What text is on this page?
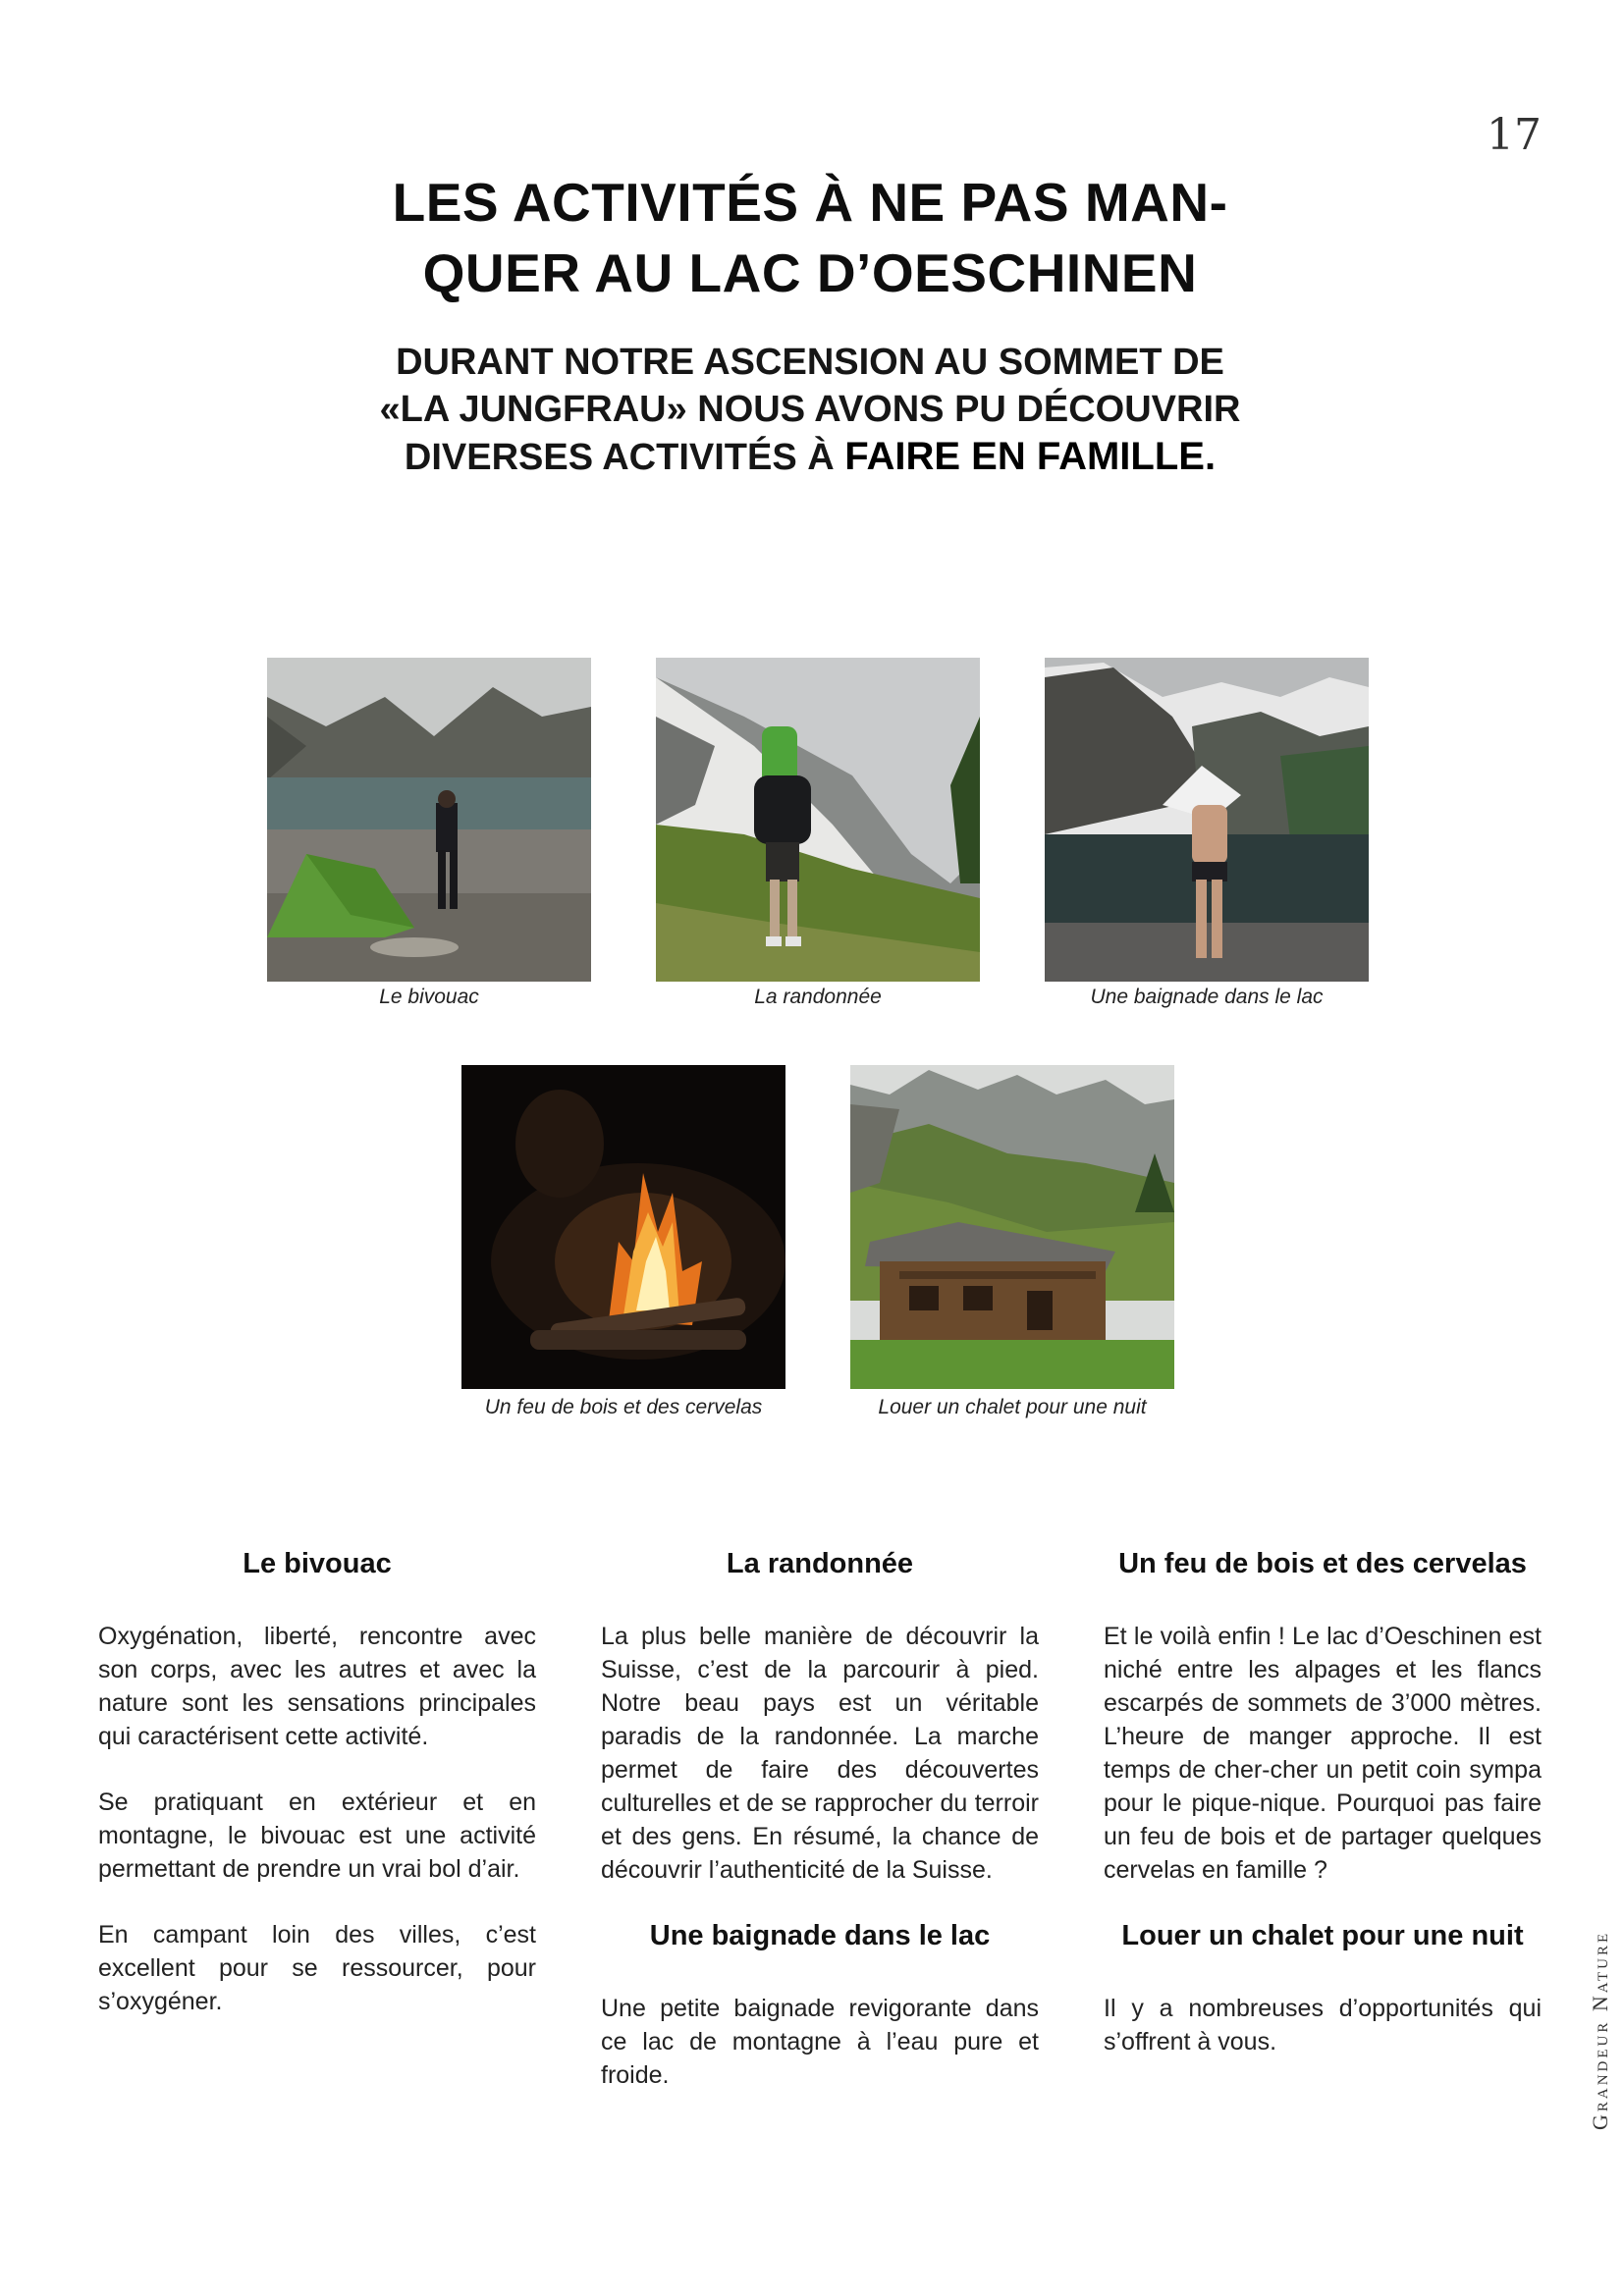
17
LES ACTIVITÉS À NE PAS MAN-
QUER AU LAC D’OESCHINEN

DURANT NOTRE ASCENSION AU SOMMET DE
«LA JUNGFRAU» NOUS AVONS PU DÉCOUVRIR
DIVERSES ACTIVITÉS À FAIRE EN FAMILLE.

Le bivouac	La randonnée	Une baignade dans le lac
Un feu de bois et des cervelas	Louer un chalet pour une nuit
Le bivouac

Oxygénation, liberté, rencontre avec son corps, avec les autres et avec la nature sont les sensations principales qui caractérisent cette activité.

Se pratiquant en extérieur et en montagne, le bivouac est une activité permettant de prendre un vrai bol d’air.

En campant loin des villes, c’est excellent pour se ressourcer, pour s’oxygéner.

La randonnée

La plus belle manière de découvrir la Suisse, c’est de la parcourir à pied. Notre beau pays est un véritable paradis de la randonnée. La marche permet de faire des découvertes culturelles et de se rapprocher du terroir et des gens. En résumé, la chance de découvrir l’authenticité de la Suisse.

Une baignade dans le lac

Une petite baignade revigorante dans ce lac de montagne à l’eau pure et froide.

Un feu de bois et des cervelas

Et le voilà enfin ! Le lac d’Oeschinen est niché entre les alpages et les flancs escarpés de sommets de 3’000 mètres. L’heure de manger approche. Il est temps de cher-cher un petit coin sympa pour le pique-nique. Pourquoi pas faire un feu de bois et de partager quelques cervelas en famille ?

Louer un chalet pour une nuit

Il y a nombreuses d’opportunités qui s’offrent à vous.	Grandeur Nature
